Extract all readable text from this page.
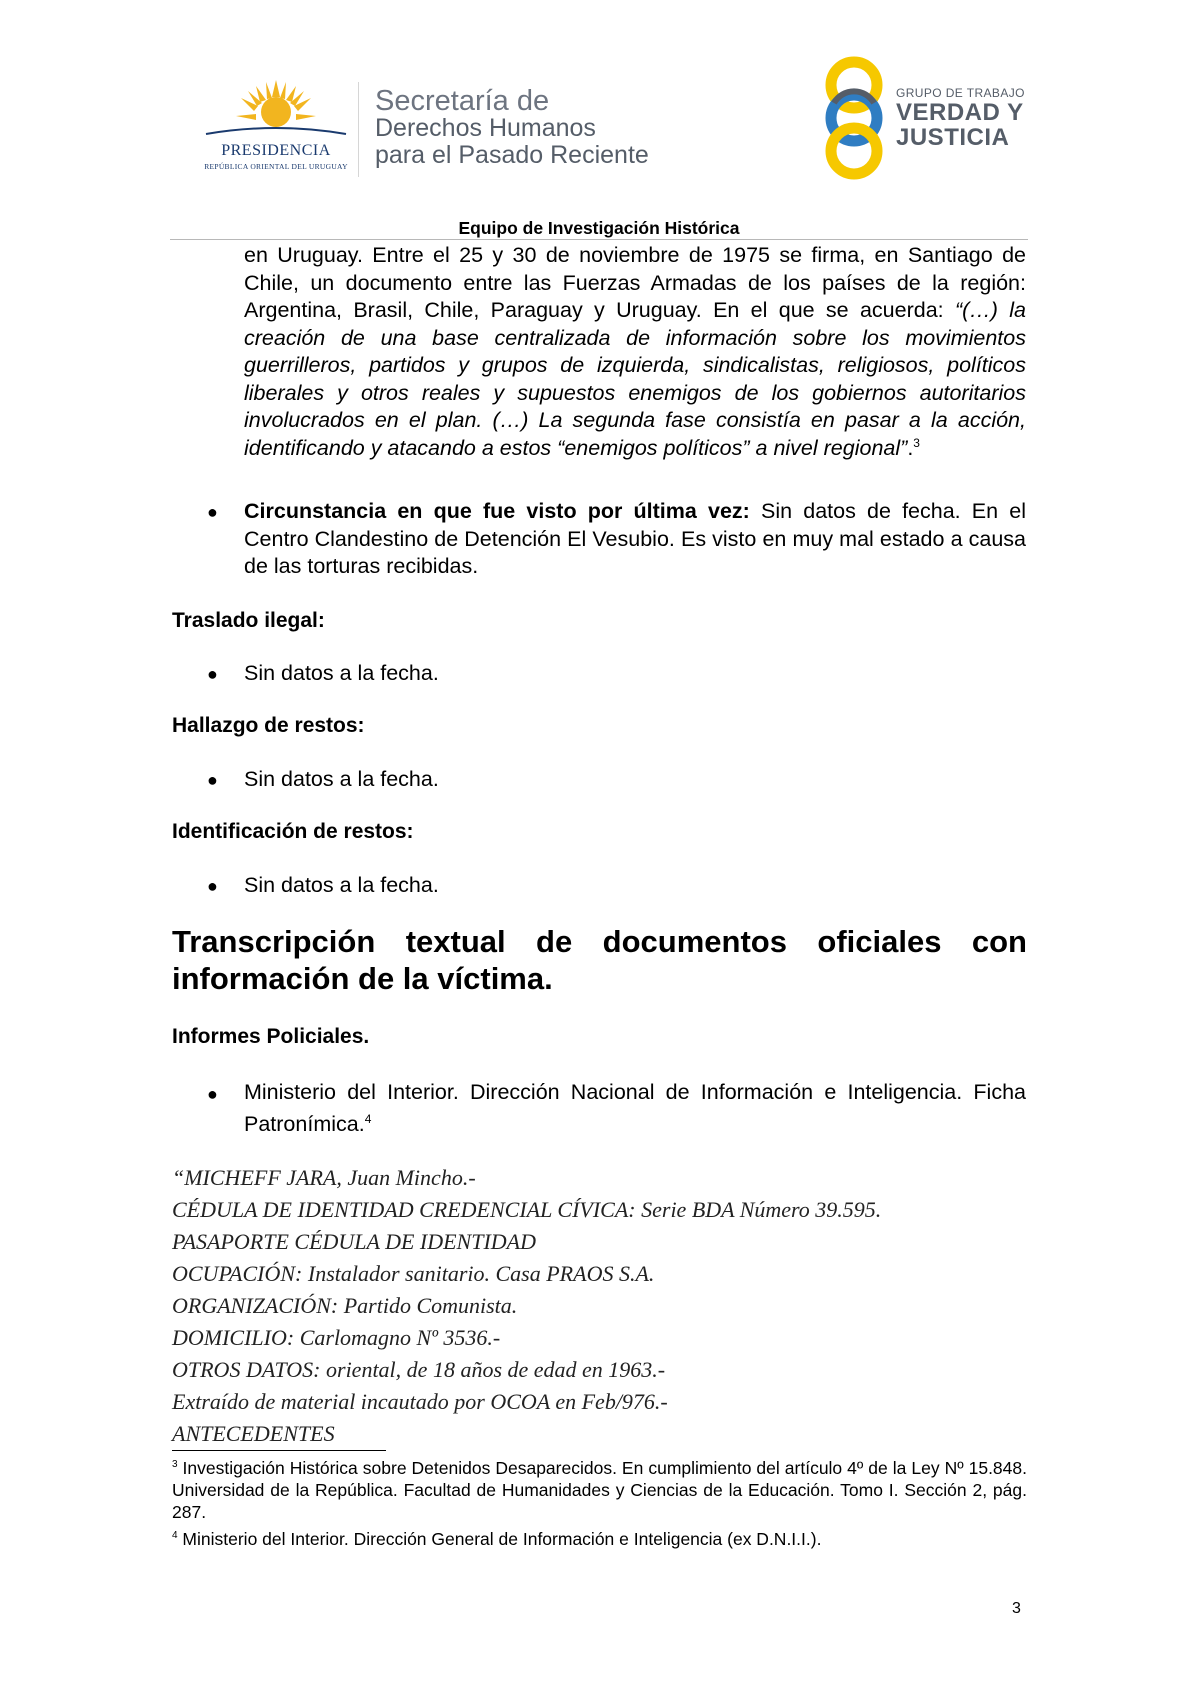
PRESIDENCIA
REPÚBLICA ORIENTAL DEL URUGUAY
Secretaría de
Derechos Humanos
para el Pasado Reciente
GRUPO DE TRABAJO
VERDAD Y
JUSTICIA
Equipo de Investigación Histórica
en Uruguay. Entre el 25 y 30 de noviembre de 1975 se firma, en Santiago de Chile, un documento entre las Fuerzas Armadas de los países de la región: Argentina, Brasil, Chile, Paraguay y Uruguay. En el que se acuerda: “(…) la creación de una base centralizada de información sobre los movimientos guerrilleros, partidos y grupos de izquierda, sindicalistas, religiosos, políticos liberales y otros reales y supuestos enemigos de los gobiernos autoritarios involucrados en el plan. (…) La segunda fase consistía en pasar a la acción, identificando y atacando a estos “enemigos políticos” a nivel regional”.$^3$
● Circunstancia en que fue visto por última vez: Sin datos de fecha. En el Centro Clandestino de Detención El Vesubio. Es visto en muy mal estado a causa de las torturas recibidas.
Traslado ilegal:
● Sin datos a la fecha.
Hallazgo de restos:
● Sin datos a la fecha.
Identificación de restos:
● Sin datos a la fecha.
Transcripción textual de documentos oficiales con información de la víctima.
Informes Policiales.
● Ministerio del Interior. Dirección Nacional de Información e Inteligencia. Ficha Patronímica.$^4$
“MICHEFF JARA, Juan Mincho.-
CÉDULA DE IDENTIDAD CREDENCIAL CÍVICA: Serie BDA Número 39.595.
PASAPORTE CÉDULA DE IDENTIDAD
OCUPACIÓN: Instalador sanitario. Casa PRAOS S.A.
ORGANIZACIÓN: Partido Comunista.
DOMICILIO: Carlomagno Nº 3536.-
OTROS DATOS: oriental, de 18 años de edad en 1963.-
Extraído de material incautado por OCOA en Feb/976.-
ANTECEDENTES
$^3$ Investigación Histórica sobre Detenidos Desaparecidos. En cumplimiento del artículo 4º de la Ley Nº 15.848. Universidad de la República. Facultad de Humanidades y Ciencias de la Educación. Tomo I. Sección 2, pág. 287.
$^4$ Ministerio del Interior. Dirección General de Información e Inteligencia (ex D.N.I.I.).
3
